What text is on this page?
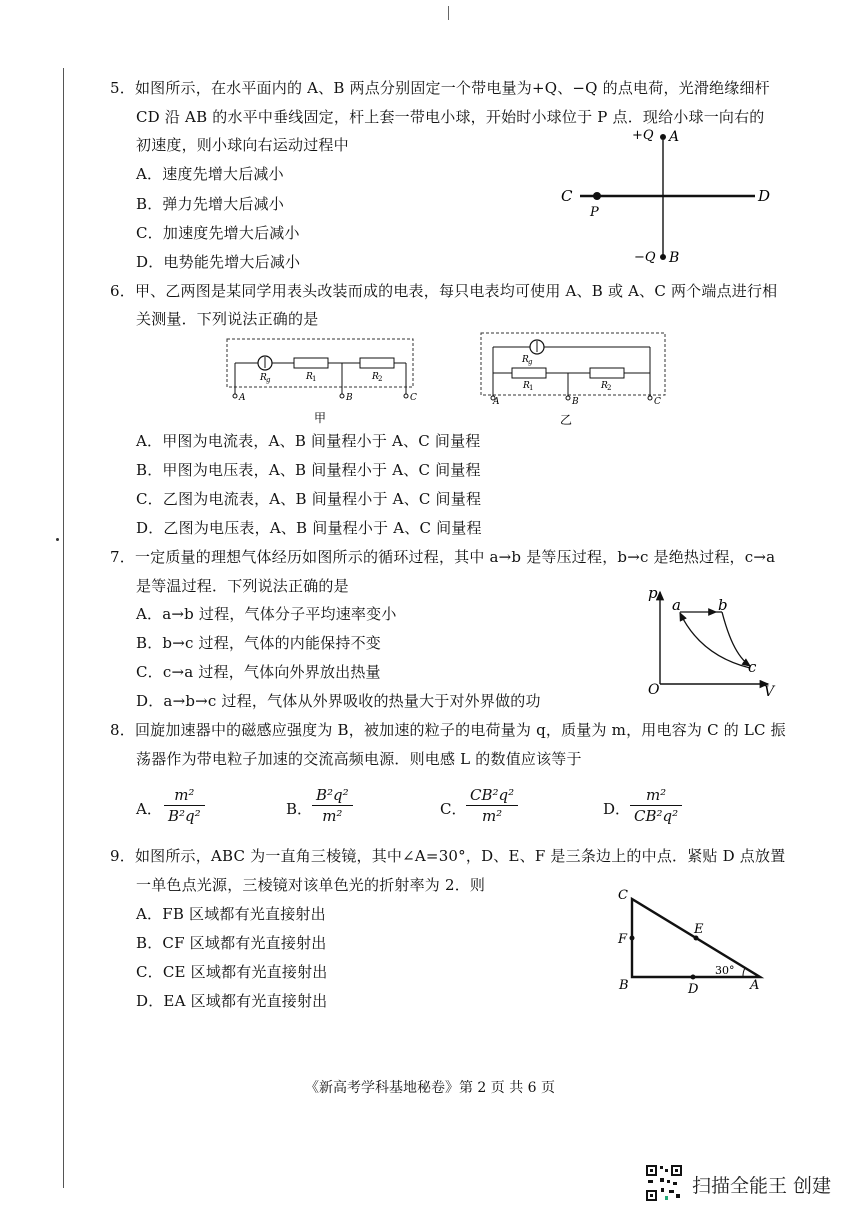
5．如图所示，在水平面内的 A、B 两点分别固定一个带电量为+Q、−Q 的点电荷，光滑绝缘细杆
CD 沿 AB 的水平中垂线固定，杆上套一带电小球，开始时小球位于 P 点．现给小球一向右的
初速度，则小球向右运动过程中
A．速度先增大后减小
B．弹力先增大后减小
C．加速度先增大后减小
D．电势能先增大后减小
+Q A
−Q B
C	D
P
6．甲、乙两图是某同学用表头改装而成的电表，每只电表均可使用 A、B 或 A、C 两个端点进行相
关测量．下列说法正确的是
R g	R 1	R 2
A	B	C
甲
R g
R 1	R 2
A	B	C
乙
A．甲图为电流表，A、B 间量程小于 A、C 间量程
B．甲图为电压表，A、B 间量程小于 A、C 间量程
C．乙图为电流表，A、B 间量程小于 A、C 间量程
D．乙图为电压表，A、B 间量程小于 A、C 间量程
7．一定质量的理想气体经历如图所示的循环过程，其中 a→b 是等压过程，b→c 是绝热过程，c→a
是等温过程．下列说法正确的是
A．a→b 过程，气体分子平均速率变小
B．b→c 过程，气体的内能保持不变
C．c→a 过程，气体向外界放出热量
D．a→b→c 过程，气体从外界吸收的热量大于对外界做的功
p
V
O
a b
c
8．回旋加速器中的磁感应强度为 B，被加速的粒子的电荷量为 q，质量为 m，用电容为 C 的 LC 振
荡器作为带电粒子加速的交流高频电源．则电感 L 的数值应该等于
A．
m²
B²q²	B．
B²q²
m²	C．
CB²q²
m²	D．
m²
CB²q²
9．如图所示，ABC 为一直角三棱镜，其中∠A=30°，D、E、F 是三条边上的中点．紧贴 D 点放置
一单色点光源，三棱镜对该单色光的折射率为 2．则
A．FB 区域都有光直接射出
B．CF 区域都有光直接射出
C．CE 区域都有光直接射出
D．EA 区域都有光直接射出
C
E
F
B	D	A
30°
《新高考学科基地秘卷》第 2 页 共 6 页
扫描全能王 创建
